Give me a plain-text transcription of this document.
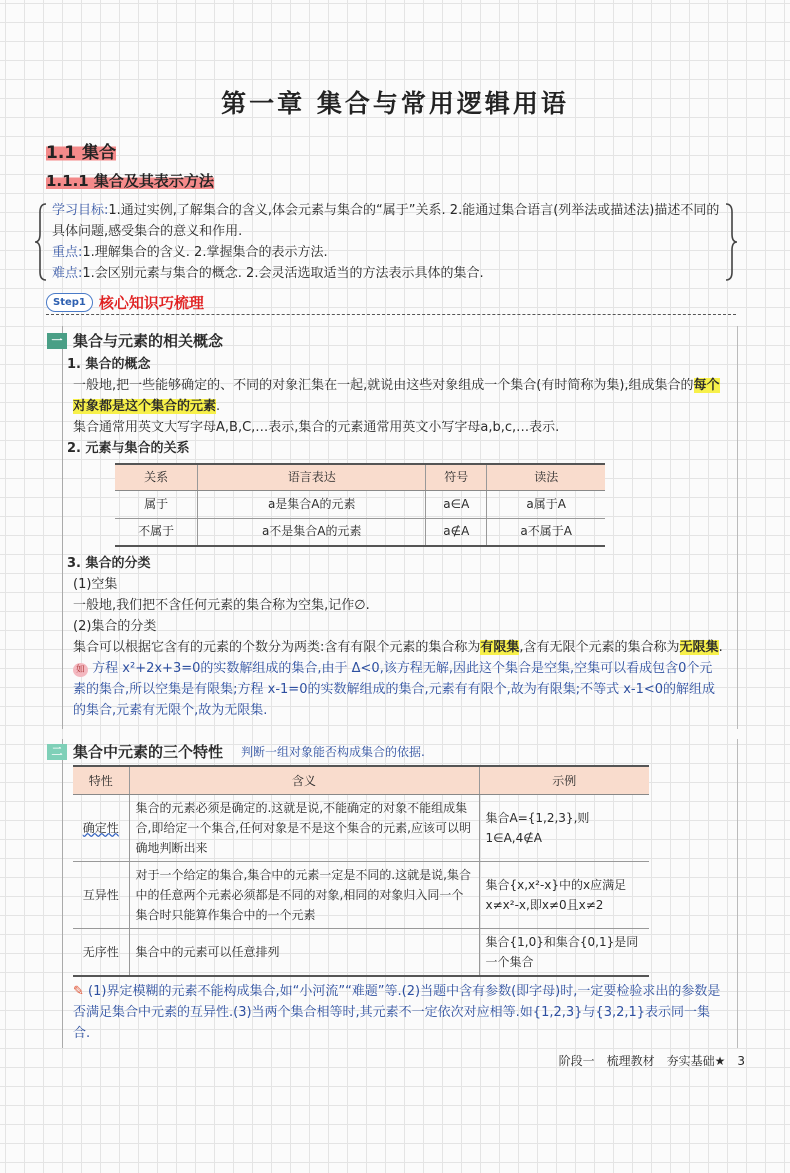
第一章 集合与常用逻辑用语
1.1 集合
1.1.1 集合及其表示方法
学习目标:1.通过实例,了解集合的含义,体会元素与集合的“属于”关系. 2.能通过集合语言(列举法或描述法)描述不同的具体问题,感受集合的意义和作用.
重点:1.理解集合的含义. 2.掌握集合的表示方法.
难点:1.会区别元素与集合的概念. 2.会灵活选取适当的方法表示具体的集合.
Step1 核心知识巧梳理
一 集合与元素的相关概念
1. 集合的概念
一般地,把一些能够确定的、不同的对象汇集在一起,就说由这些对象组成一个集合(有时简称为集),组成集合的每个对象都是这个集合的元素.
集合通常用英文大写字母A,B,C,…表示,集合的元素通常用英文小写字母a,b,c,…表示.
2. 元素与集合的关系
关系	语言表达	符号	读法
属于	a是集合A的元素	a∈A	a属于A
不属于	a不是集合A的元素	a∉A	a不属于A
3. 集合的分类
(1)空集
一般地,我们把不含任何元素的集合称为空集,记作∅.
(2)集合的分类
集合可以根据它含有的元素的个数分为两类:含有有限个元素的集合称为有限集,含有无限个元素的集合称为无限集.
如 方程 x²+2x+3=0的实数解组成的集合,由于 Δ<0,该方程无解,因此这个集合是空集,空集可以看成包含0个元素的集合,所以空集是有限集;方程 x-1=0的实数解组成的集合,元素有有限个,故为有限集;不等式 x-1<0的解组成的集合,元素有无限个,故为无限集.
二 集合中元素的三个特性 判断一组对象能否构成集合的依据.
特性	含义	示例
确定性	集合的元素必须是确定的.这就是说,不能确定的对象不能组成集合,即给定一个集合,任何对象是不是这个集合的元素,应该可以明确地判断出来	集合A={1,2,3},则1∈A,4∉A
互异性	对于一个给定的集合,集合中的元素一定是不同的.这就是说,集合中的任意两个元素必须都是不同的对象,相同的对象归入同一个集合时只能算作集合中的一个元素	集合{x,x²-x}中的x应满足x≠x²-x,即x≠0且x≠2
无序性	集合中的元素可以任意排列	集合{1,0}和集合{0,1}是同一个集合
✎ (1)界定模糊的元素不能构成集合,如“小河流”“难题”等.(2)当题中含有参数(即字母)时,一定要检验求出的参数是否满足集合中元素的互异性.(3)当两个集合相等时,其元素不一定依次对应相等.如{1,2,3}与{3,2,1}表示同一集合.
阶段一 梳理教材 夯实基础★ 3
